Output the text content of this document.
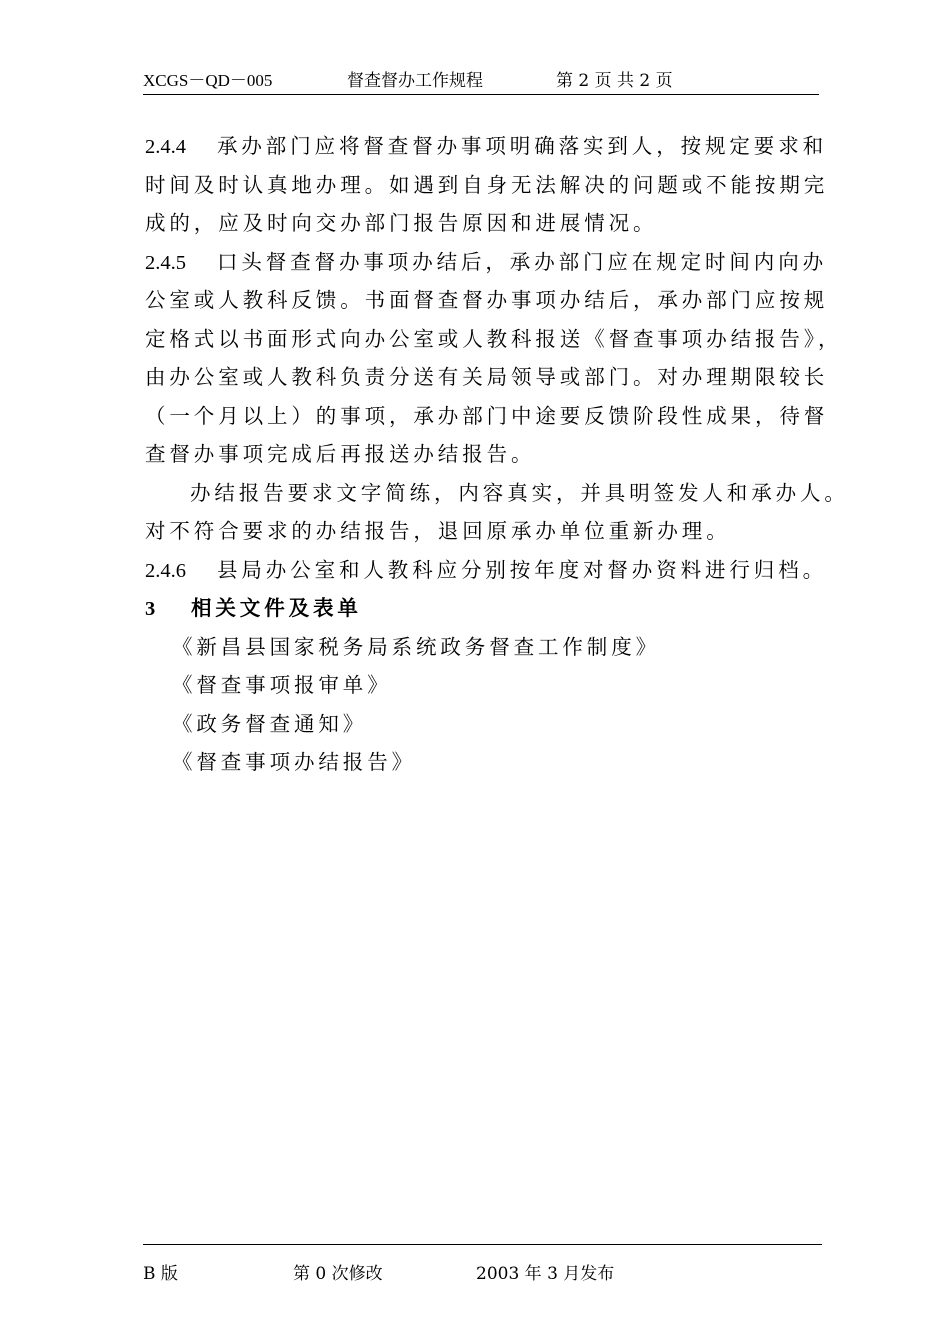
XCGS－QD－005	督查督办工作规程	第 2 页 共 2 页
2.4.4 承办部门应将督查督办事项明确落实到人，按规定要求和
时间及时认真地办理。如遇到自身无法解决的问题或不能按期完
成的，应及时向交办部门报告原因和进展情况。
2.4.5 口头督查督办事项办结后，承办部门应在规定时间内向办
公室或人教科反馈。书面督查督办事项办结后，承办部门应按规
定格式以书面形式向办公室或人教科报送《督查事项办结报告》，
由办公室或人教科负责分送有关局领导或部门。对办理期限较长
（一个月以上）的事项，承办部门中途要反馈阶段性成果，待督
查督办事项完成后再报送办结报告。
办结报告要求文字简练，内容真实，并具明签发人和承办人。
对不符合要求的办结报告，退回原承办单位重新办理。
2.4.6 县局办公室和人教科应分别按年度对督办资料进行归档。
3 相关文件及表单
《新昌县国家税务局系统政务督查工作制度》
《督查事项报审单》
《政务督查通知》
《督查事项办结报告》
B 版	第 0 次修改	2003 年 3 月发布
